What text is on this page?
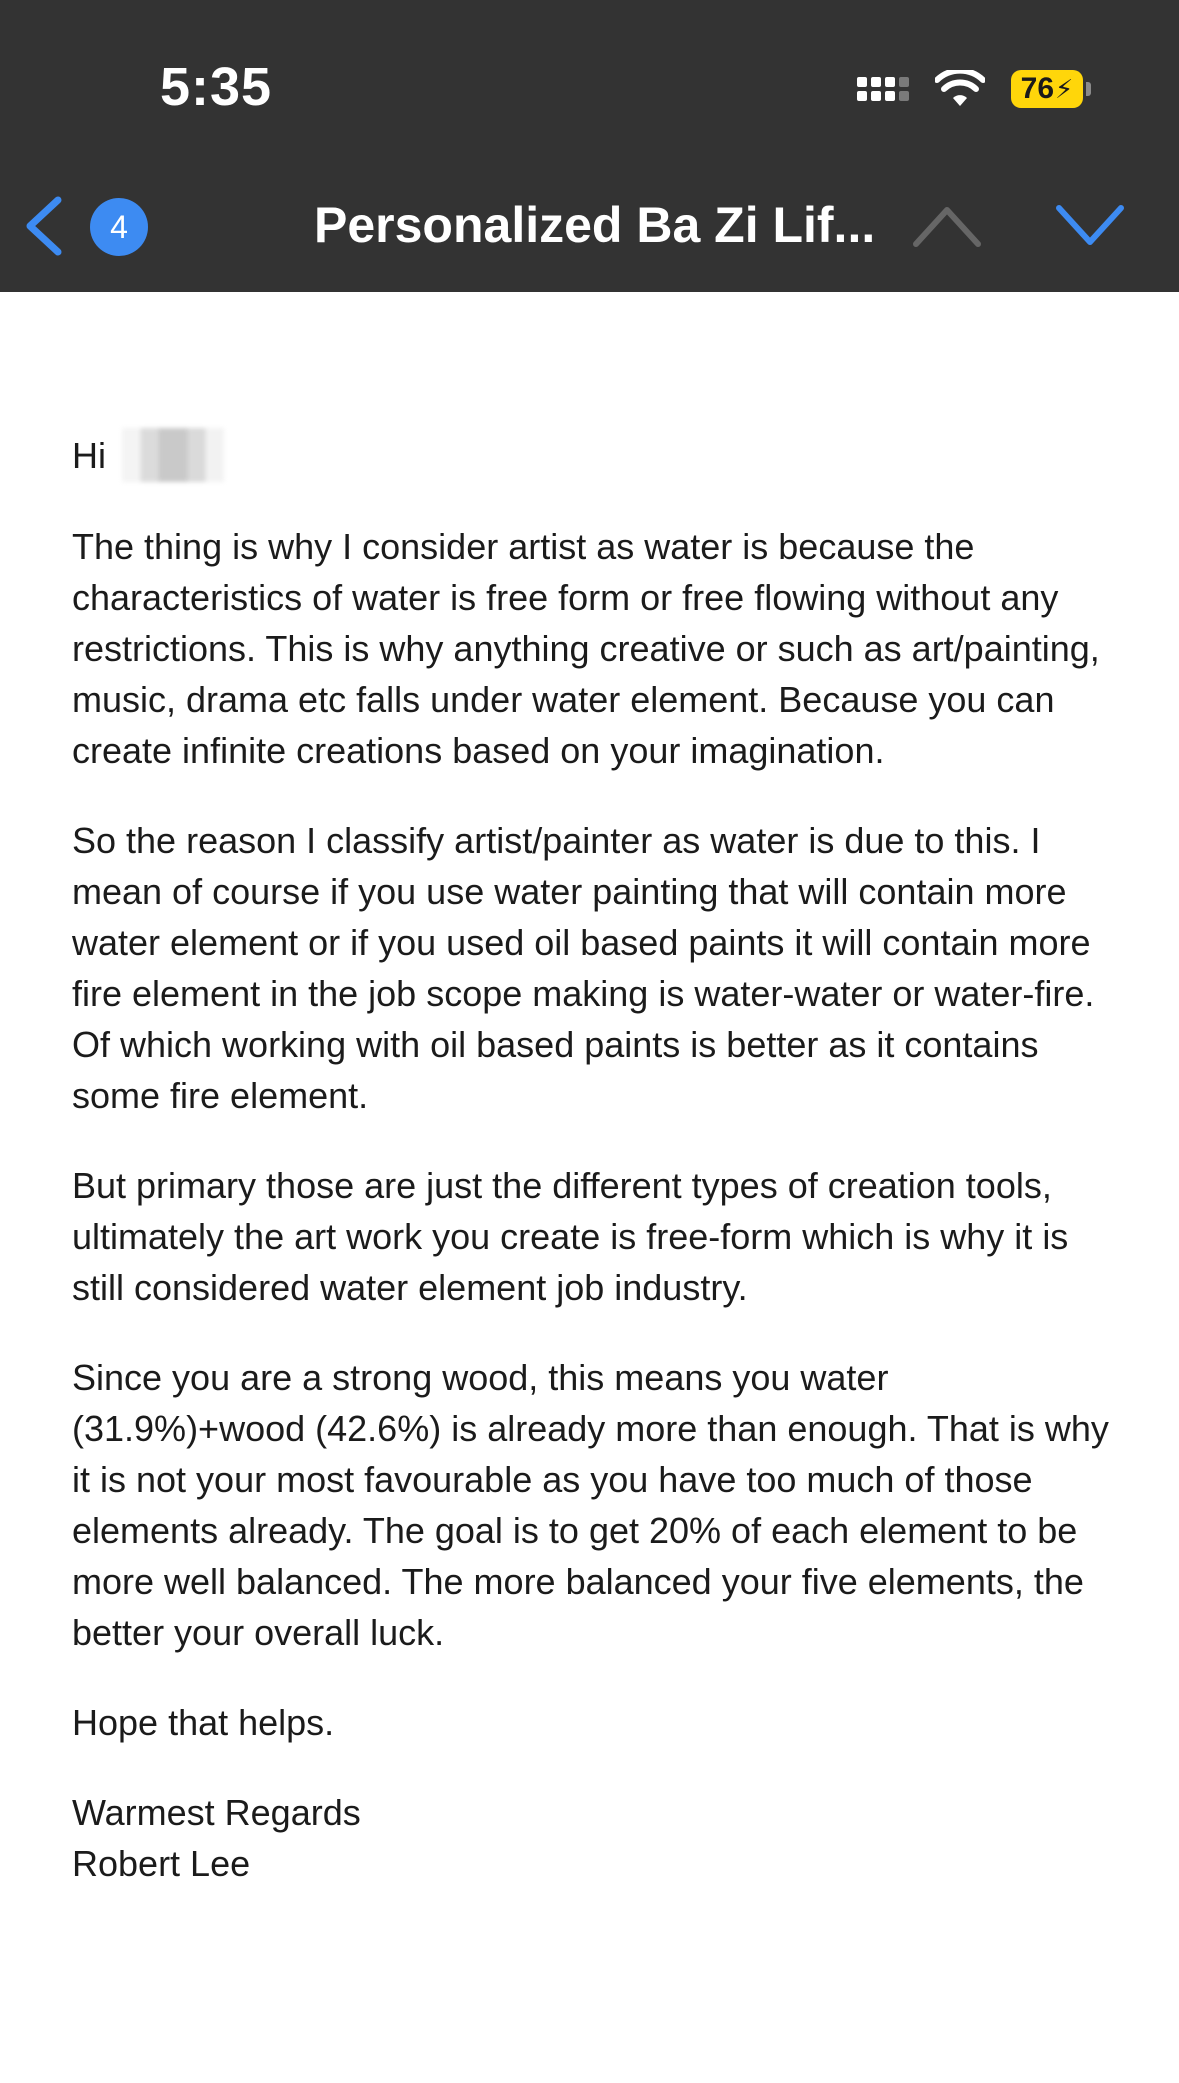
5:35	76 ⚡
4	Personalized Ba Zi Lif...

Hi

The thing is why I consider artist as water is because the characteristics of water is free form or free flowing without any restrictions. This is why anything creative or such as art/painting, music, drama etc falls under water element. Because you can create infinite creations based on your imagination.

So the reason I classify artist/painter as water is due to this. I mean of course if you use water painting that will contain more water element or if you used oil based paints it will contain more fire element in the job scope making is water-water or water-fire. Of which working with oil based paints is better as it contains some fire element.

But primary those are just the different types of creation tools, ultimately the art work you create is free-form which is why it is still considered water element job industry.

Since you are a strong wood, this means you water (31.9%)+wood (42.6%) is already more than enough. That is why it is not your most favourable as you have too much of those elements already. The goal is to get 20% of each element to be more well balanced. The more balanced your five elements, the better your overall luck.

Hope that helps.

Warmest Regards

Robert Lee
